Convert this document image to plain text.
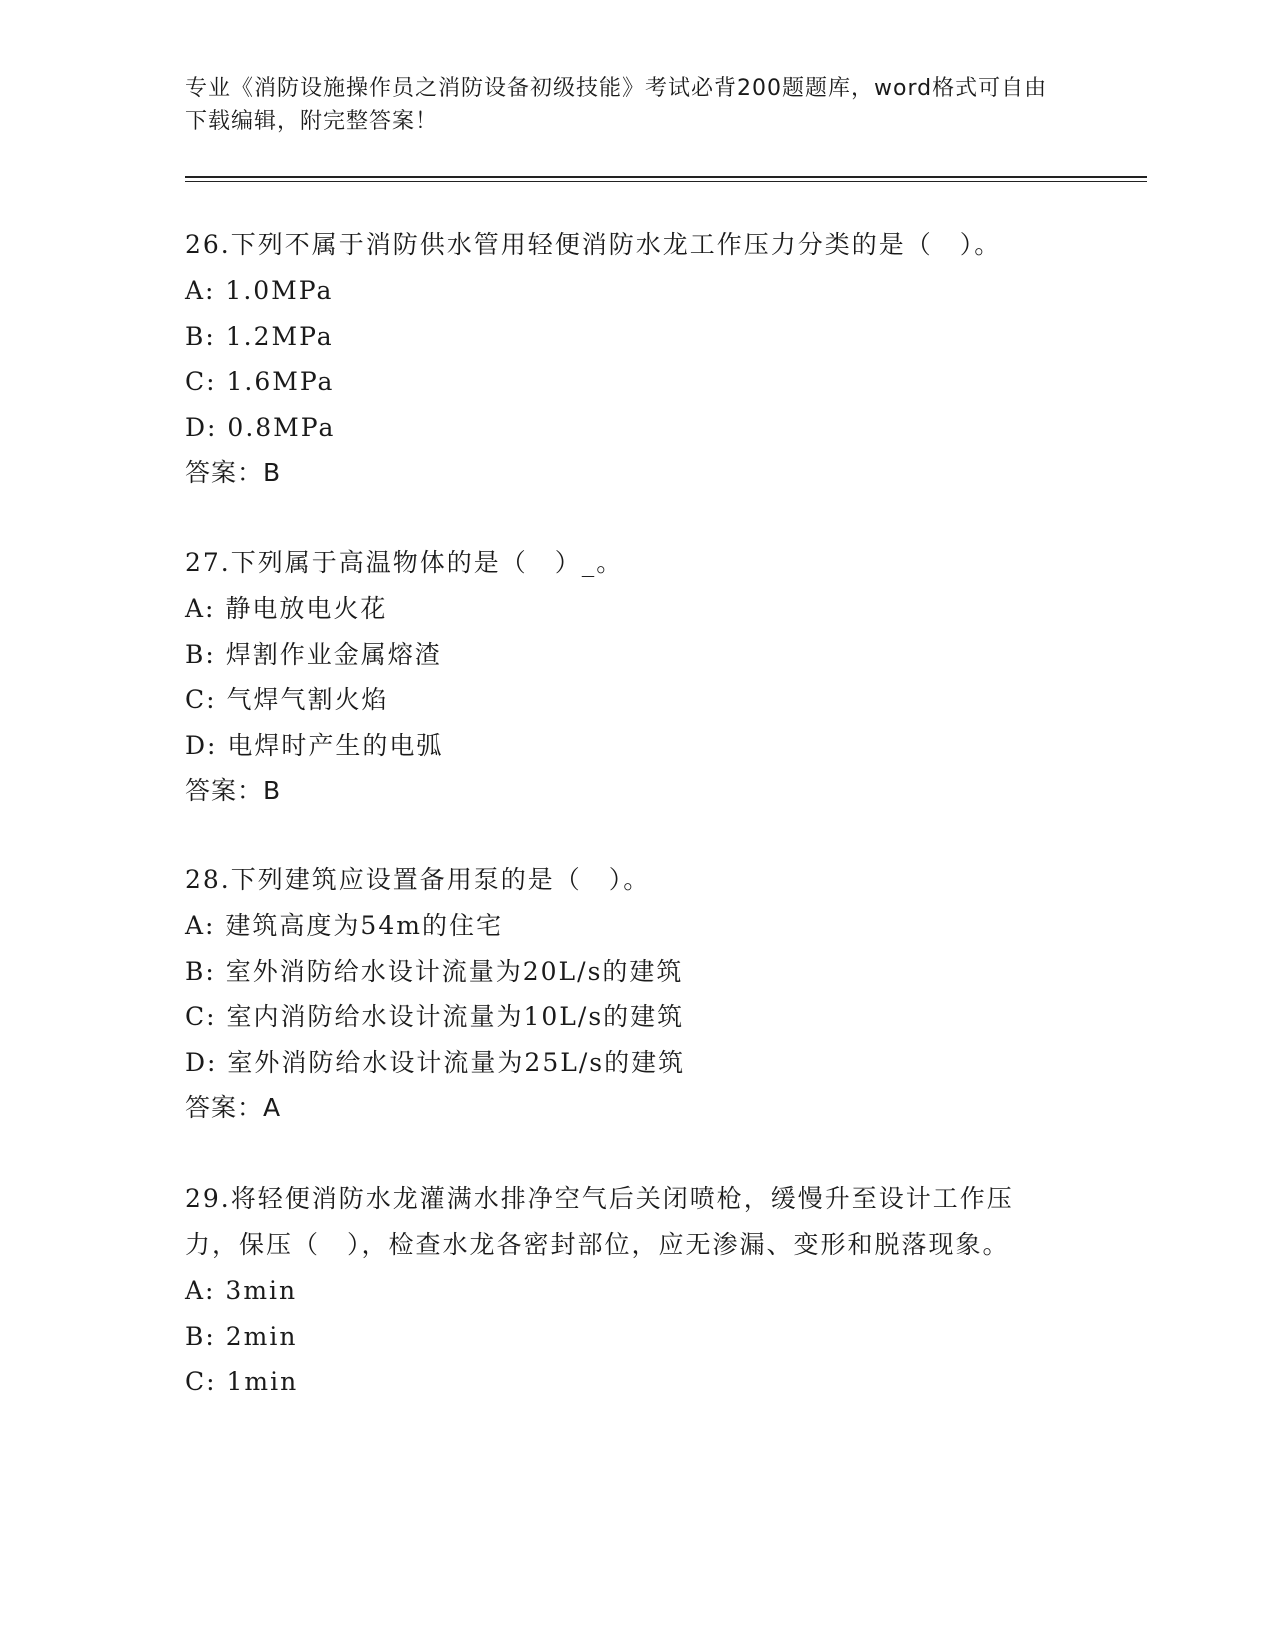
专业《消防设施操作员之消防设备初级技能》考试必背200题题库，word格式可自由下载编辑，附完整答案！

26.下列不属于消防供水管用轻便消防水龙工作压力分类的是（　）。

A: 1.0MPa

B: 1.2MPa

C: 1.6MPa

D: 0.8MPa

答案：B

27.下列属于高温物体的是（　）_。

A: 静电放电火花

B: 焊割作业金属熔渣

C: 气焊气割火焰

D: 电焊时产生的电弧

答案：B

28.下列建筑应设置备用泵的是（　）。

A: 建筑高度为54m的住宅

B: 室外消防给水设计流量为20L/s的建筑

C: 室内消防给水设计流量为10L/s的建筑

D: 室外消防给水设计流量为25L/s的建筑

答案：A

29.将轻便消防水龙灌满水排净空气后关闭喷枪，缓慢升至设计工作压力，保压（　），检查水龙各密封部位，应无渗漏、变形和脱落现象。

A: 3min

B: 2min

C: 1min
